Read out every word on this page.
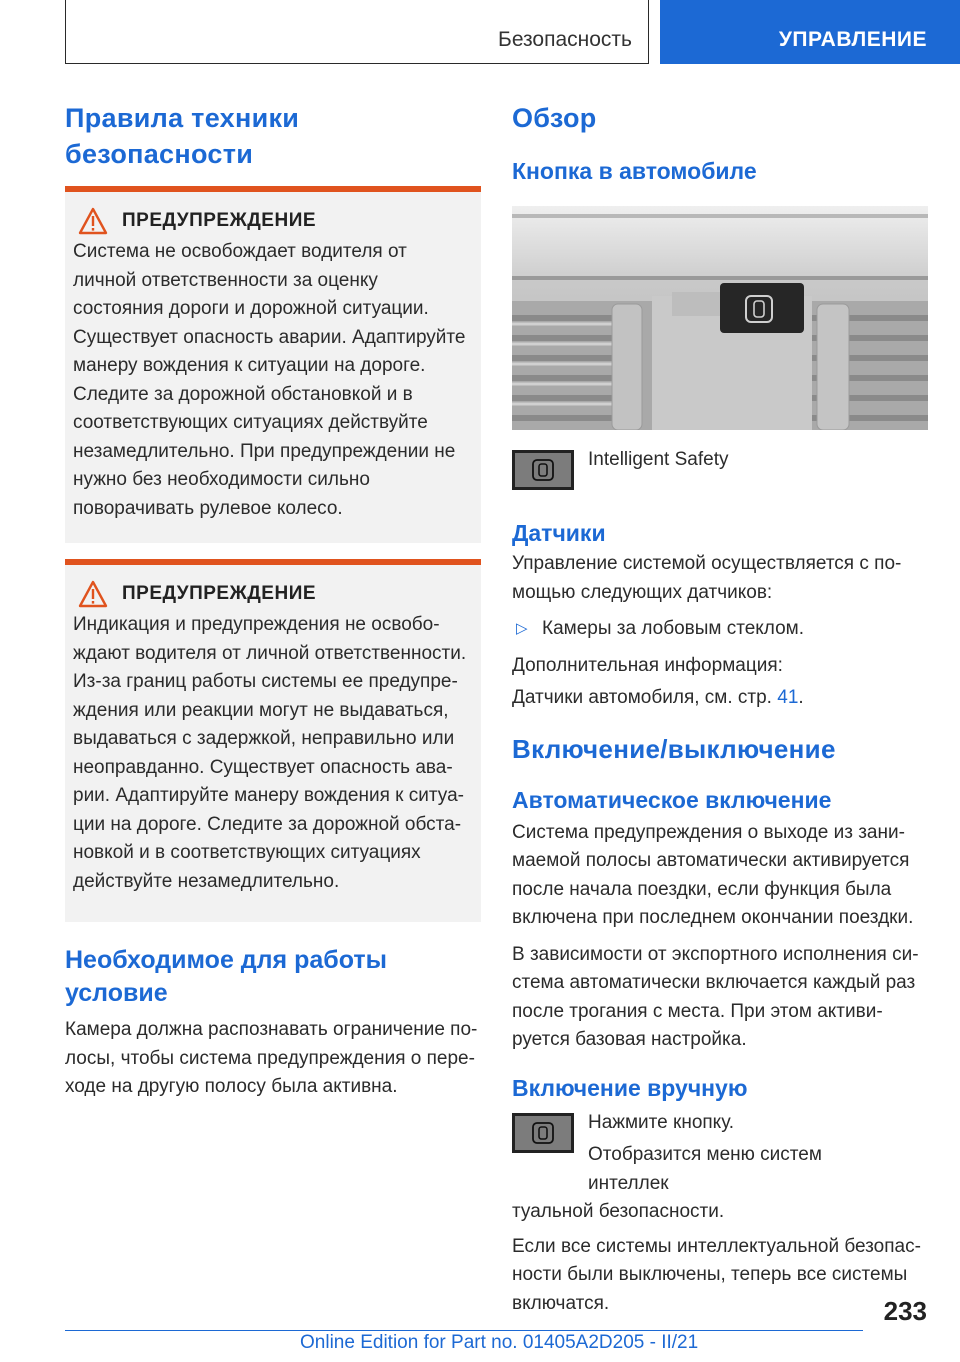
Безопасность	УПРАВЛЕНИЕ
Правила техники безопасности
ПРЕДУПРЕЖДЕНИЕ

Система не освобождает водителя от личной ответственности за оценку состояния дороги и дорожной ситуации. Существует опасность аварии. Адаптируйте манеру вождения к ситуации на дороге. Следите за дорожной обстановкой и в соответствующих ситуациях действуйте незамедлительно. При предупреждении не нужно без необходимости сильно поворачивать рулевое колесо.

ПРЕДУПРЕЖДЕНИЕ

Индикация и предупреждения не освобождают водителя от личной ответственности. Из-за границ работы системы ее предупреждения или реакции могут не выдаваться, выдаваться с задержкой, неправильно или неоправданно. Существует опасность аварии. Адаптируйте манеру вождения к ситуации на дороге. Следите за дорожной обстановкой и в соответствующих ситуациях действуйте незамедлительно.

Необходимое для работы условие

Камера должна распознавать ограничение полосы, чтобы система предупреждения о переходе на другую полосу была активна.

Обзор
Кнопка в автомобиле

Intelligent Safety

Датчики

Управление системой осуществляется с помощью следующих датчиков:

▷ Камеры за лобовым стеклом.

Дополнительная информация:

Датчики автомобиля, см. стр. 41.

Включение/выключение
Автоматическое включение

Система предупреждения о выходе из занимаемой полосы автоматически активируется после начала поездки, если функция была включена при последнем окончании поездки.

В зависимости от экспортного исполнения система автоматически включается каждый раз после трогания с места. При этом активируется базовая настройка.

Включение вручную

Нажмите кнопку.

Отобразится меню систем интеллек

туальной безопасности.

Если все системы интеллектуальной безопасности были выключены, теперь все системы включатся.	233
Online Edition for Part no. 01405A2D205 - II/21
